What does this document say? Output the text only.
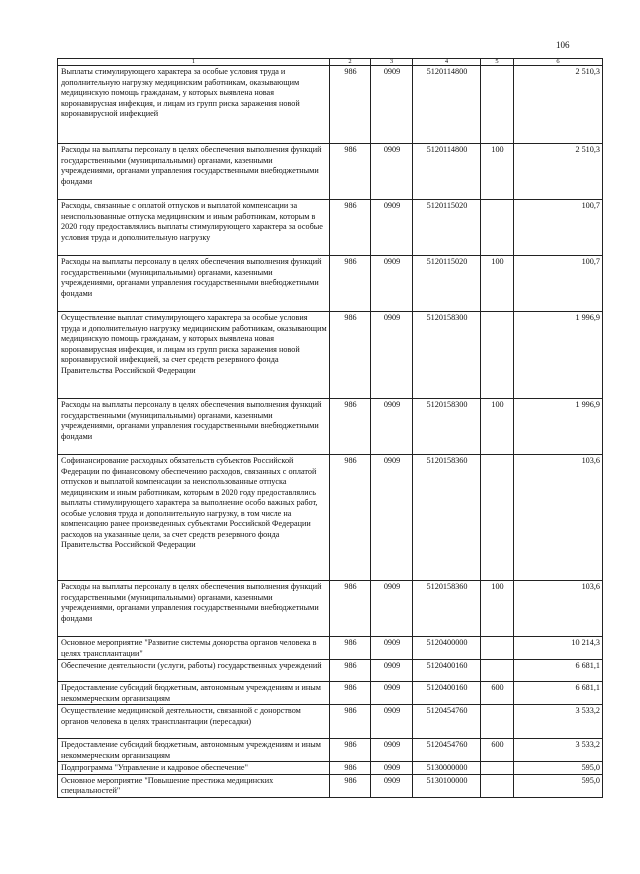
106
1	2	3	4	5	6
Выплаты стимулирующего характера за особые условия труда и дополнительную нагрузку медицинским работникам, оказывающим медицинскую помощь гражданам, у которых выявлена новая коронавирусная инфекция, и лицам из групп риска заражения новой коронавирусной инфекцией	986	0909	5120114800		2 510,3
Расходы на выплаты персоналу в целях обеспечения выполнения функций государственными (муниципальными) органами, казенными учреждениями, органами управления государственными внебюджетными фондами	986	0909	5120114800	100	2 510,3
Расходы, связанные с оплатой отпусков и выплатой компенсации за неиспользованные отпуска медицинским и иным работникам, которым в 2020 году предоставлялись выплаты стимулирующего характера за особые условия труда и дополнительную нагрузку	986	0909	5120115020		100,7
Расходы на выплаты персоналу в целях обеспечения выполнения функций государственными (муниципальными) органами, казенными учреждениями, органами управления государственными внебюджетными фондами	986	0909	5120115020	100	100,7
Осуществление выплат стимулирующего характера за особые условия труда и дополнительную нагрузку медицинским работникам, оказывающим медицинскую помощь гражданам, у которых выявлена новая коронавирусная инфекция, и лицам из групп риска заражения новой коронавирусной инфекцией, за счет средств резервного фонда Правительства Российской Федерации	986	0909	5120158300		1 996,9
Расходы на выплаты персоналу в целях обеспечения выполнения функций государственными (муниципальными) органами, казенными учреждениями, органами управления государственными внебюджетными фондами	986	0909	5120158300	100	1 996,9
Софинансирование расходных обязательств субъектов Российской Федерации по финансовому обеспечению расходов, связанных с оплатой отпусков и выплатой компенсации за неиспользованные отпуска медицинским и иным работникам, которым в 2020 году предоставлялись выплаты стимулирующего характера за выполнение особо важных работ, особые условия труда и дополнительную нагрузку, в том числе на компенсацию ранее произведенных субъектами Российской Федерации расходов на указанные цели, за счет средств резервного фонда Правительства Российской Федерации	986	0909	5120158360		103,6
Расходы на выплаты персоналу в целях обеспечения выполнения функций государственными (муниципальными) органами, казенными учреждениями, органами управления государственными внебюджетными фондами	986	0909	5120158360	100	103,6
Основное мероприятие "Развитие системы донорства органов человека в целях трансплантации"	986	0909	5120400000		10 214,3
Обеспечение деятельности (услуги, работы) государственных учреждений	986	0909	5120400160		6 681,1
Предоставление субсидий бюджетным, автономным учреждениям и иным некоммерческим организациям	986	0909	5120400160	600	6 681,1
Осуществление медицинской деятельности, связанной с донорством органов человека в целях трансплантации (пересадки)	986	0909	5120454760		3 533,2
Предоставление субсидий бюджетным, автономным учреждениям и иным некоммерческим организациям	986	0909	5120454760	600	3 533,2
Подпрограмма "Управление и кадровое обеспечение"	986	0909	5130000000		595,0
Основное мероприятие "Повышение престижа медицинских специальностей"	986	0909	5130100000		595,0
